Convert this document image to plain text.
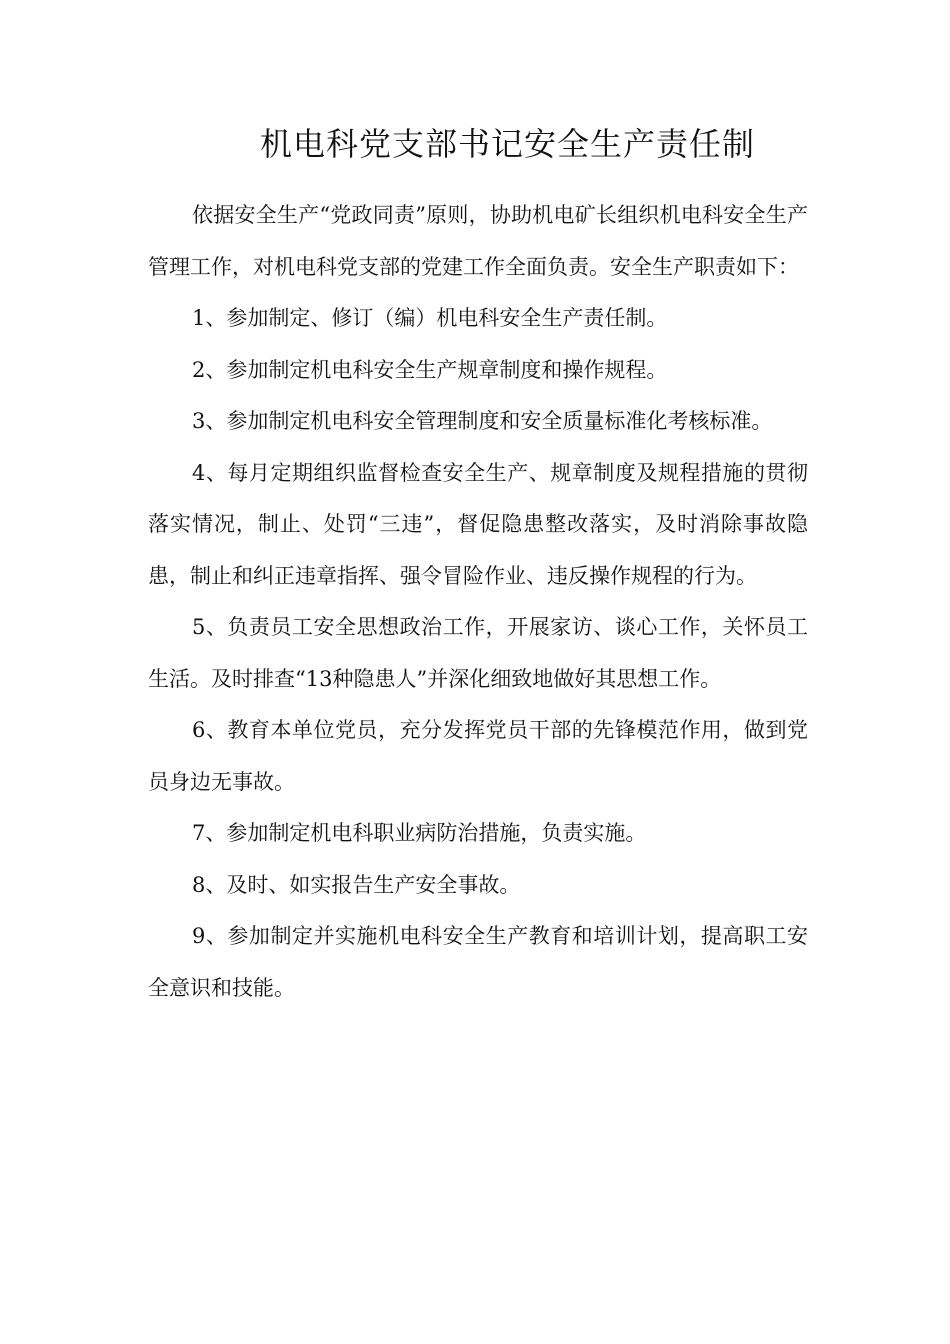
机电科党支部书记安全生产责任制

依据安全生产“党政同责”原则，协助机电矿长组织机电科安全生产管理工作，对机电科党支部的党建工作全面负责。安全生产职责如下：

1、参加制定、修订（编）机电科安全生产责任制。

2、参加制定机电科安全生产规章制度和操作规程。

3、参加制定机电科安全管理制度和安全质量标准化考核标准。

4、每月定期组织监督检查安全生产、规章制度及规程措施的贯彻落实情况，制止、处罚“三违”，督促隐患整改落实，及时消除事故隐患，制止和纠正违章指挥、强令冒险作业、违反操作规程的行为。

5、负责员工安全思想政治工作，开展家访、谈心工作，关怀员工生活。及时排查“13种隐患人”并深化细致地做好其思想工作。

6、教育本单位党员，充分发挥党员干部的先锋模范作用，做到党员身边无事故。

7、参加制定机电科职业病防治措施，负责实施。

8、及时、如实报告生产安全事故。

9、参加制定并实施机电科安全生产教育和培训计划，提高职工安全意识和技能。
